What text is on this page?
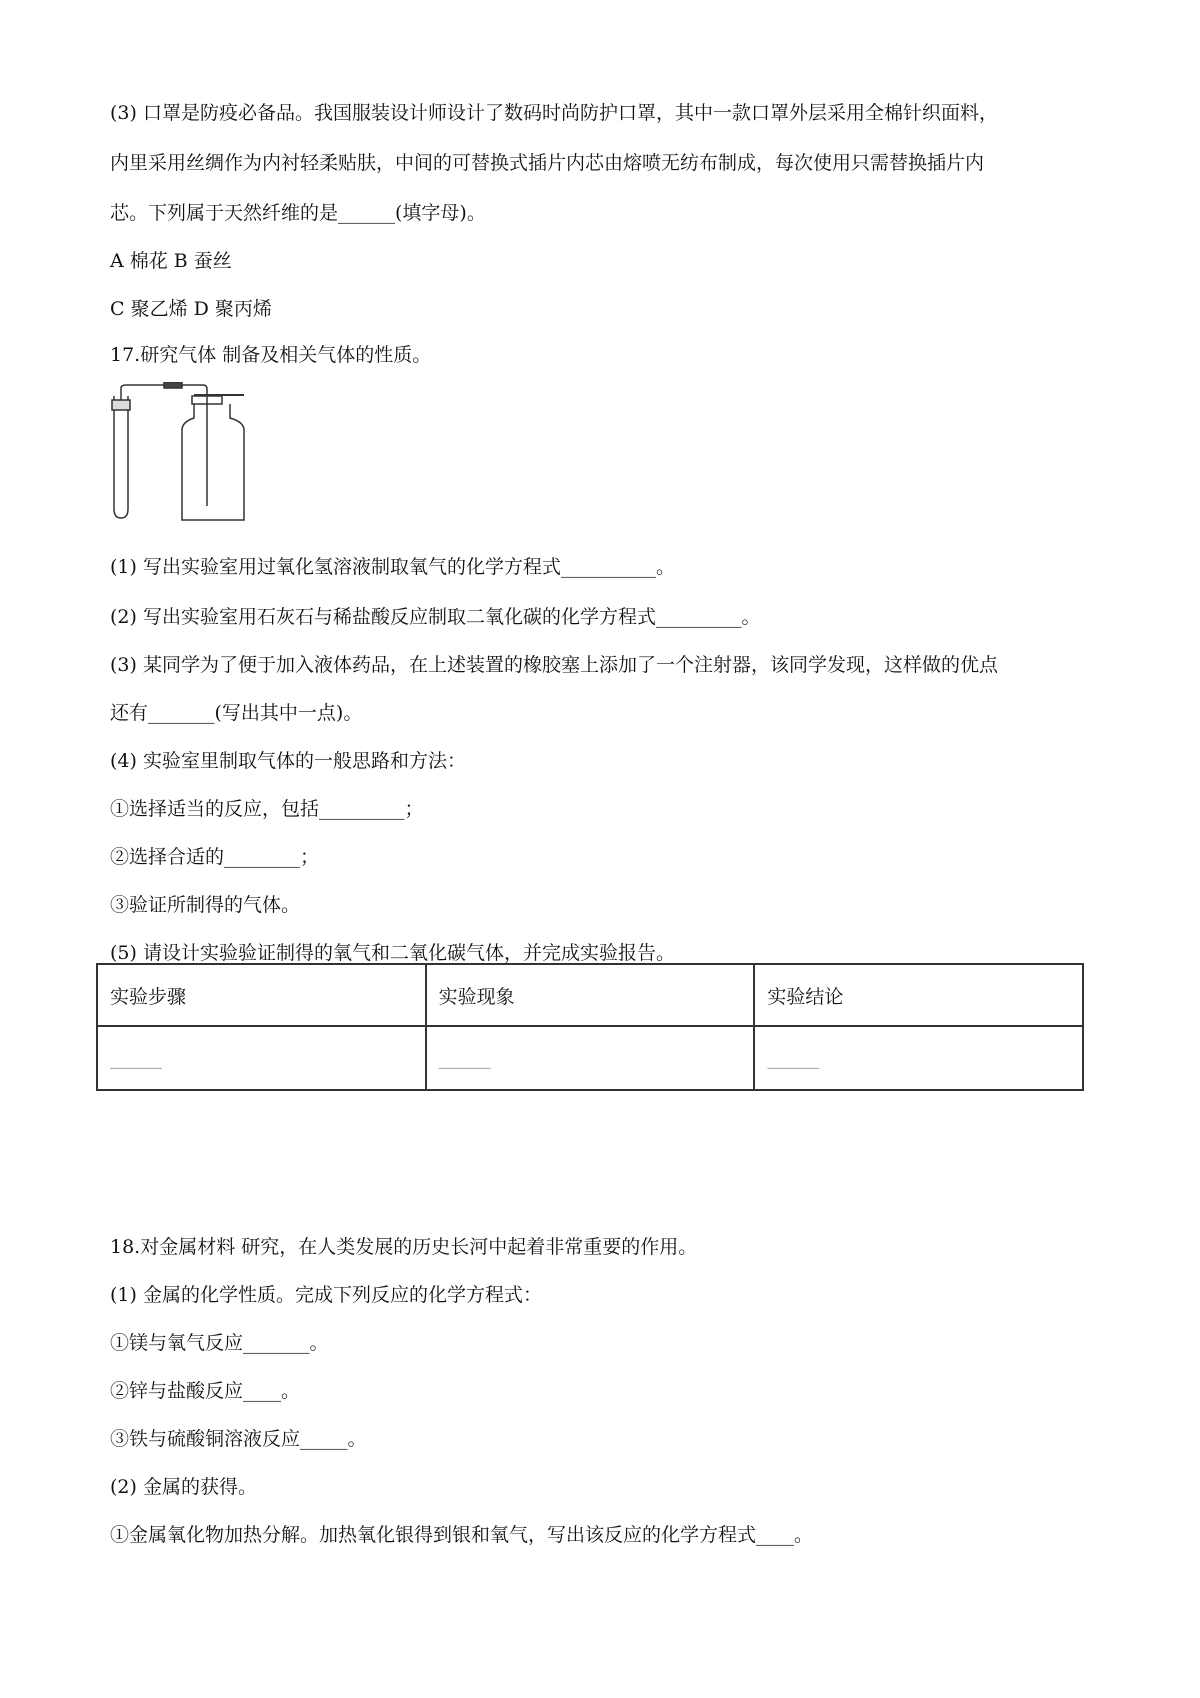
(3) 口罩是防疫必备品。我国服装设计师设计了数码时尚防护口罩，其中一款口罩外层采用全棉针织面料，
内里采用丝绸作为内衬轻柔贴肤，中间的可替换式插片内芯由熔喷无纺布制成，每次使用只需替换插片内
芯。下列属于天然纤维的是______(填字母)。
A 棉花 B 蚕丝
C 聚乙烯 D 聚丙烯
17.研究气体 制备及相关气体的性质。
(1) 写出实验室用过氧化氢溶液制取氧气的化学方程式__________。
(2) 写出实验室用石灰石与稀盐酸反应制取二氧化碳的化学方程式_________。
(3) 某同学为了便于加入液体药品，在上述装置的橡胶塞上添加了一个注射器，该同学发现，这样做的优点
还有_______(写出其中一点)。
(4) 实验室里制取气体的一般思路和方法：
①选择适当的反应，包括_________；
②选择合适的________；
③验证所制得的气体。
(5) 请设计实验验证制得的氧气和二氧化碳气体，并完成实验报告。
实验步骤	实验现象	实验结论
______	______	______
18.对金属材料 研究，在人类发展的历史长河中起着非常重要的作用。
(1) 金属的化学性质。完成下列反应的化学方程式：
①镁与氧气反应_______。
②锌与盐酸反应____。
③铁与硫酸铜溶液反应_____。
(2) 金属的获得。
①金属氧化物加热分解。加热氧化银得到银和氧气，写出该反应的化学方程式____。
